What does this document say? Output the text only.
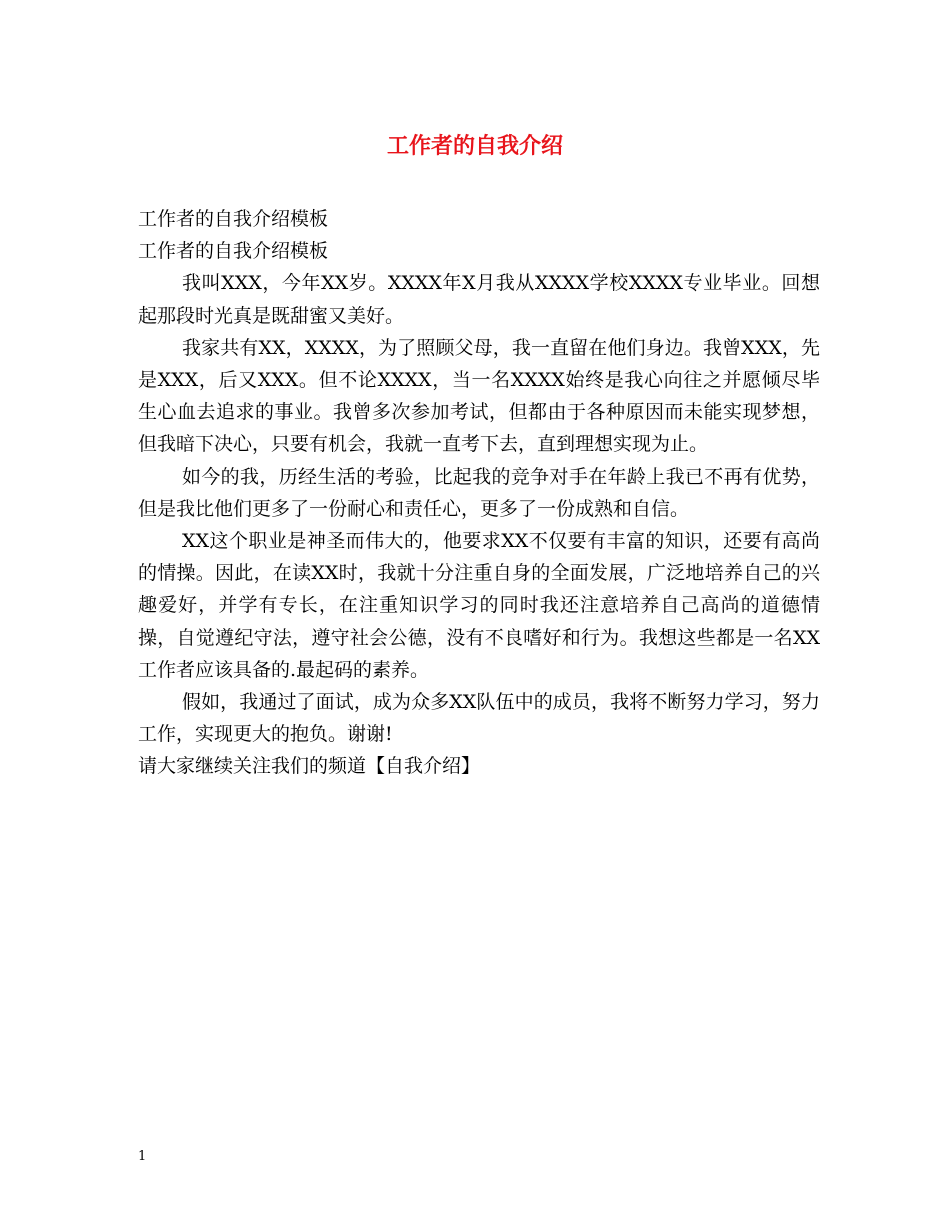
工作者的自我介绍

工作者的自我介绍模板

工作者的自我介绍模板

我叫XXX，今年XX岁。XXXX年X月我从XXXX学校XXXX专业毕业。回想起那段时光真是既甜蜜又美好。

我家共有XX，XXXX，为了照顾父母，我一直留在他们身边。我曾XXX，先是XXX，后又XXX。但不论XXXX，当一名XXXX始终是我心向往之并愿倾尽毕生心血去追求的事业。我曾多次参加考试，但都由于各种原因而未能实现梦想，但我暗下决心，只要有机会，我就一直考下去，直到理想实现为止。

如今的我，历经生活的考验，比起我的竞争对手在年龄上我已不再有优势，但是我比他们更多了一份耐心和责任心，更多了一份成熟和自信。

XX这个职业是神圣而伟大的，他要求XX不仅要有丰富的知识，还要有高尚的情操。因此，在读XX时，我就十分注重自身的全面发展，广泛地培养自己的兴趣爱好，并学有专长，在注重知识学习的同时我还注意培养自己高尚的道德情操，自觉遵纪守法，遵守社会公德，没有不良嗜好和行为。我想这些都是一名XX工作者应该具备的.最起码的素养。

假如，我通过了面试，成为众多XX队伍中的成员，我将不断努力学习，努力工作，实现更大的抱负。谢谢!

请大家继续关注我们的频道【自我介绍】

1
